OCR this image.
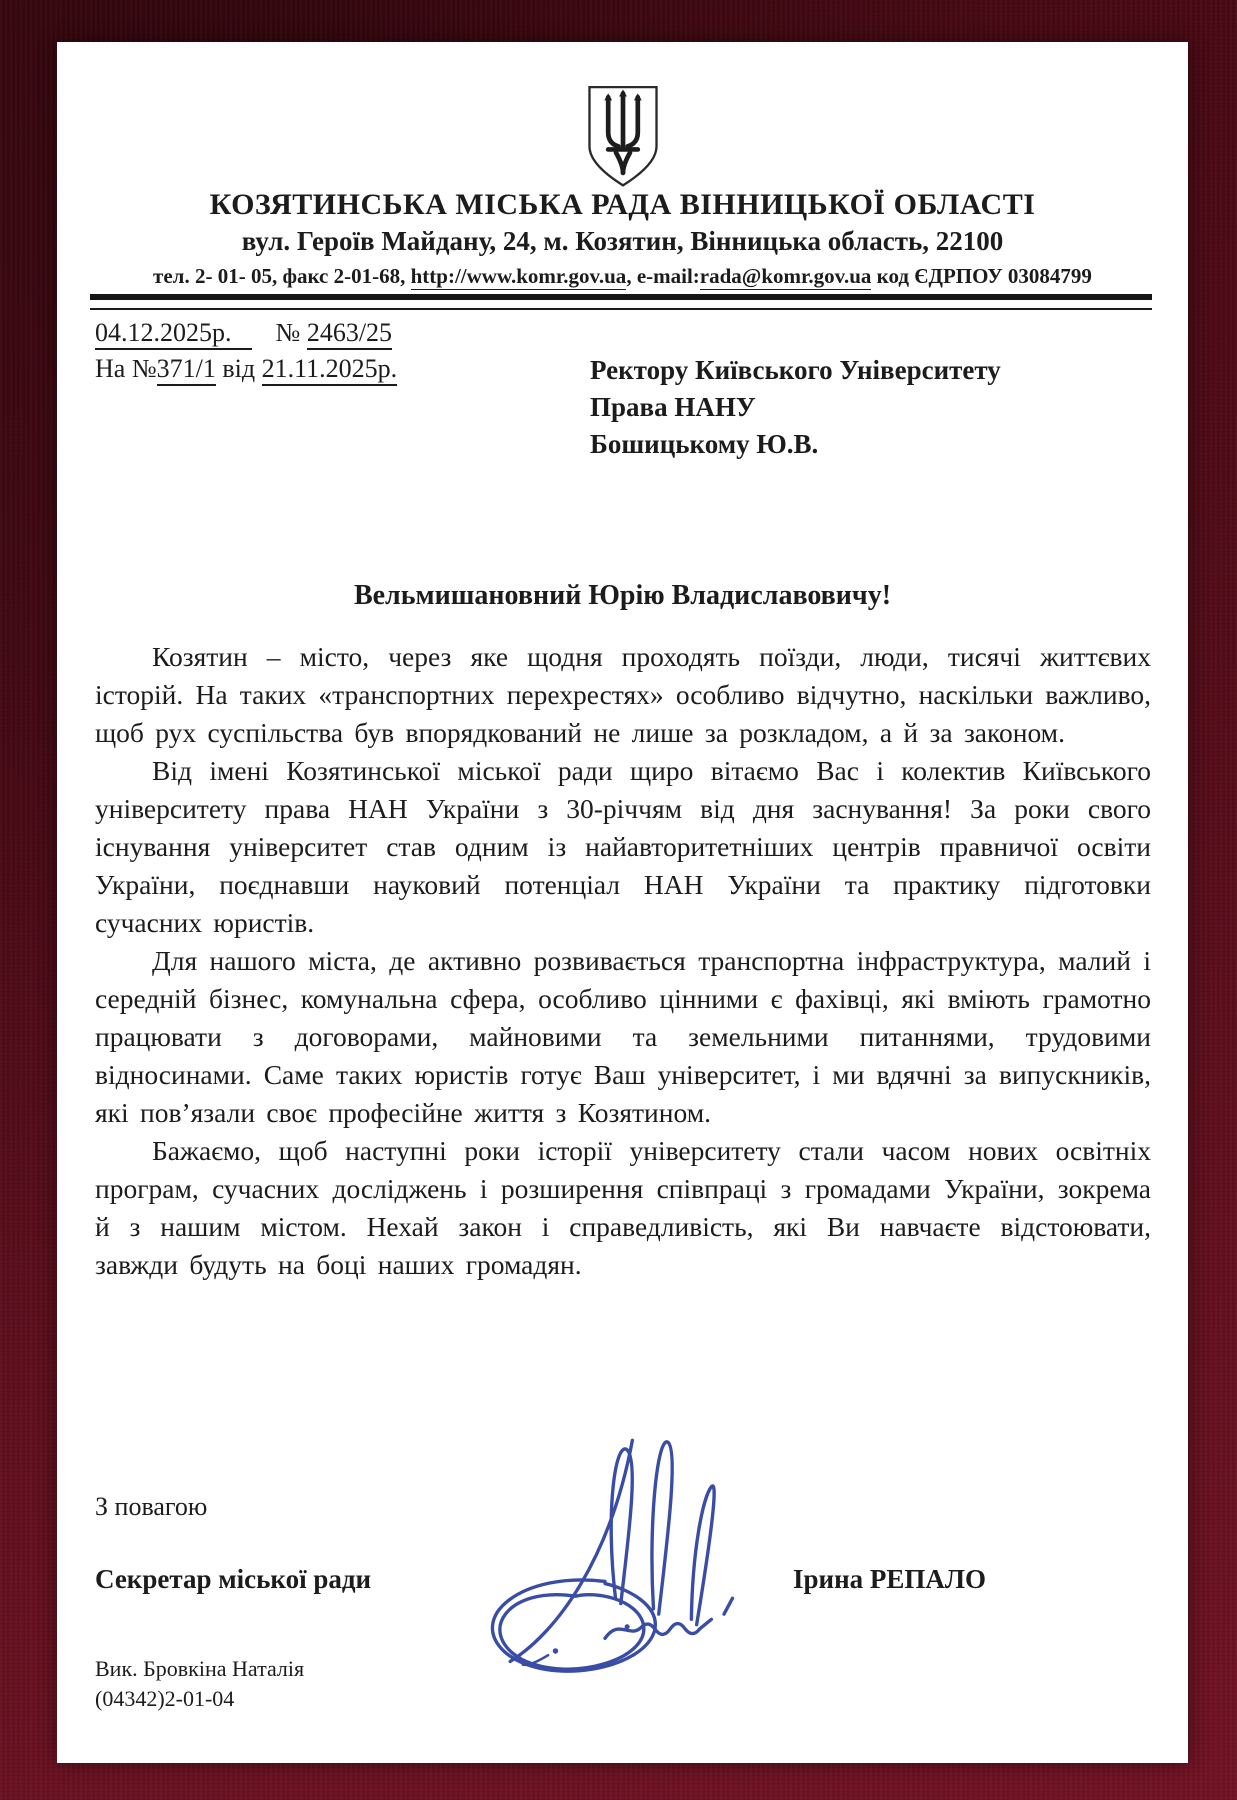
КОЗЯТИНСЬКА МІСЬКА РАДА ВІННИЦЬКОЇ ОБЛАСТІ
вул. Героїв Майдану, 24, м. Козятин, Вінницька область, 22100
тел. 2- 01- 05, факс 2-01-68, http://www.komr.gov.ua, e-mail:rada@komr.gov.ua код ЄДРПОУ 03084799
04.12.2025р. № 2463/25
На №371/1 від 21.11.2025р.	Ректору Київського Університету
Права НАНУ
Бошицькому Ю.В.
Вельмишановний Юрію Владиславовичу!

Козятин – місто, через яке щодня проходять поїзди, люди, тисячі життєвих історій. На таких «транспортних перехрестях» особливо відчутно, наскільки важливо, щоб рух суспільства був впорядкований не лише за розкладом, а й за законом.

Від імені Козятинської міської ради щиро вітаємо Вас і колектив Київського університету права НАН України з 30-річчям від дня заснування! За роки свого існування університет став одним із найавторитетніших центрів правничої освіти України, поєднавши науковий потенціал НАН України та практику підготовки сучасних юристів.

Для нашого міста, де активно розвивається транспортна інфраструктура, малий і середній бізнес, комунальна сфера, особливо цінними є фахівці, які вміють грамотно працювати з договорами, майновими та земельними питаннями, трудовими відносинами. Саме таких юристів готує Ваш університет, і ми вдячні за випускників, які пов’язали своє професійне життя з Козятином.

Бажаємо, щоб наступні роки історії університету стали часом нових освітніх програм, сучасних досліджень і розширення співпраці з громадами України, зокрема й з нашим містом. Нехай закон і справедливість, які Ви навчаєте відстоювати, завжди будуть на боці наших громадян.

З повагою
Секретар міської ради	Ірина РЕПАЛО
Вик. Бровкіна Наталія
(04342)2-01-04
